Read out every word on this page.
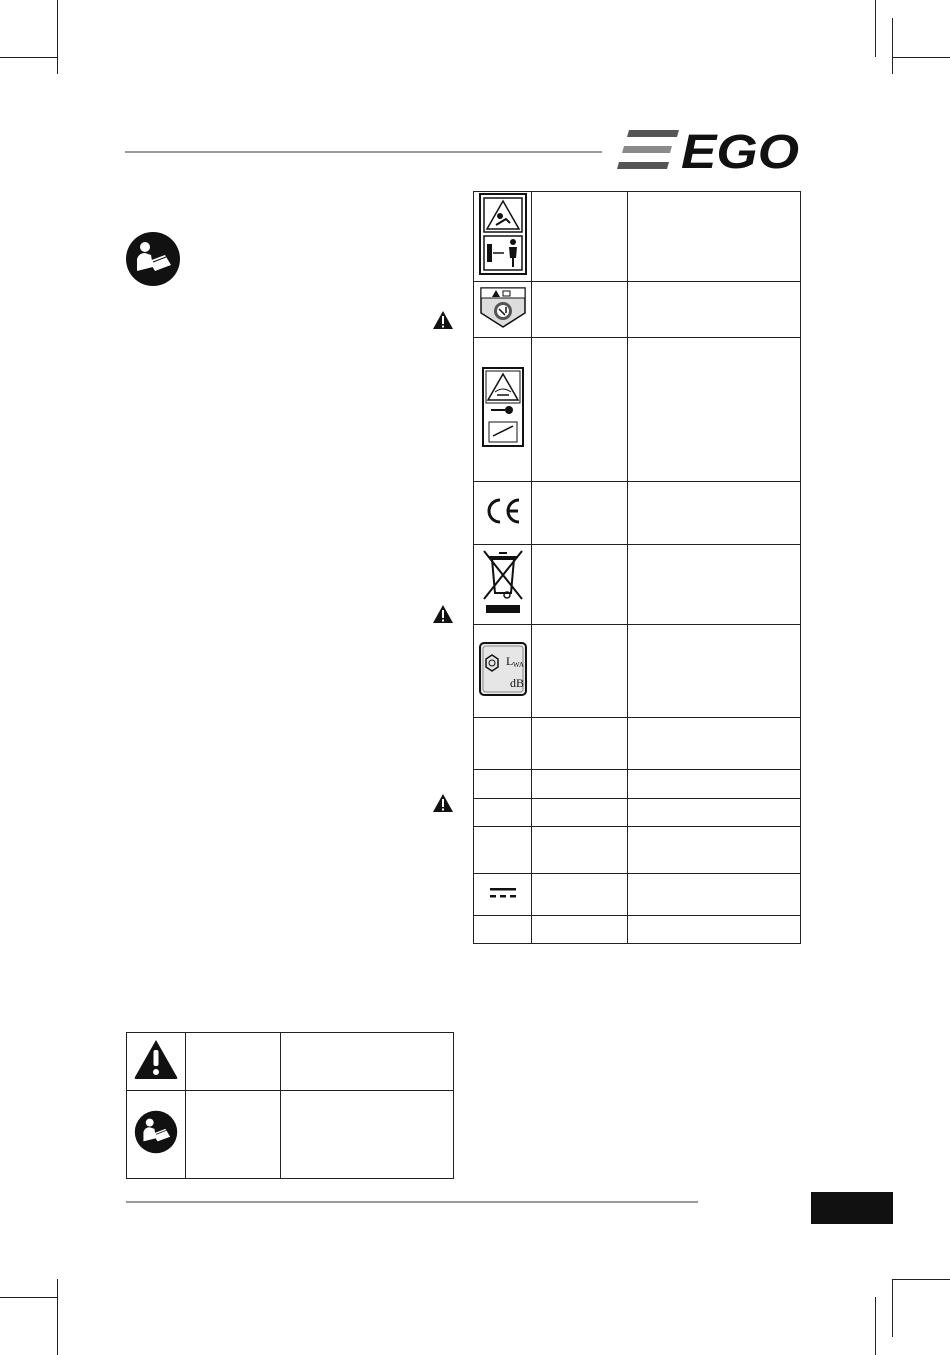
EGO

L WA
dB		
